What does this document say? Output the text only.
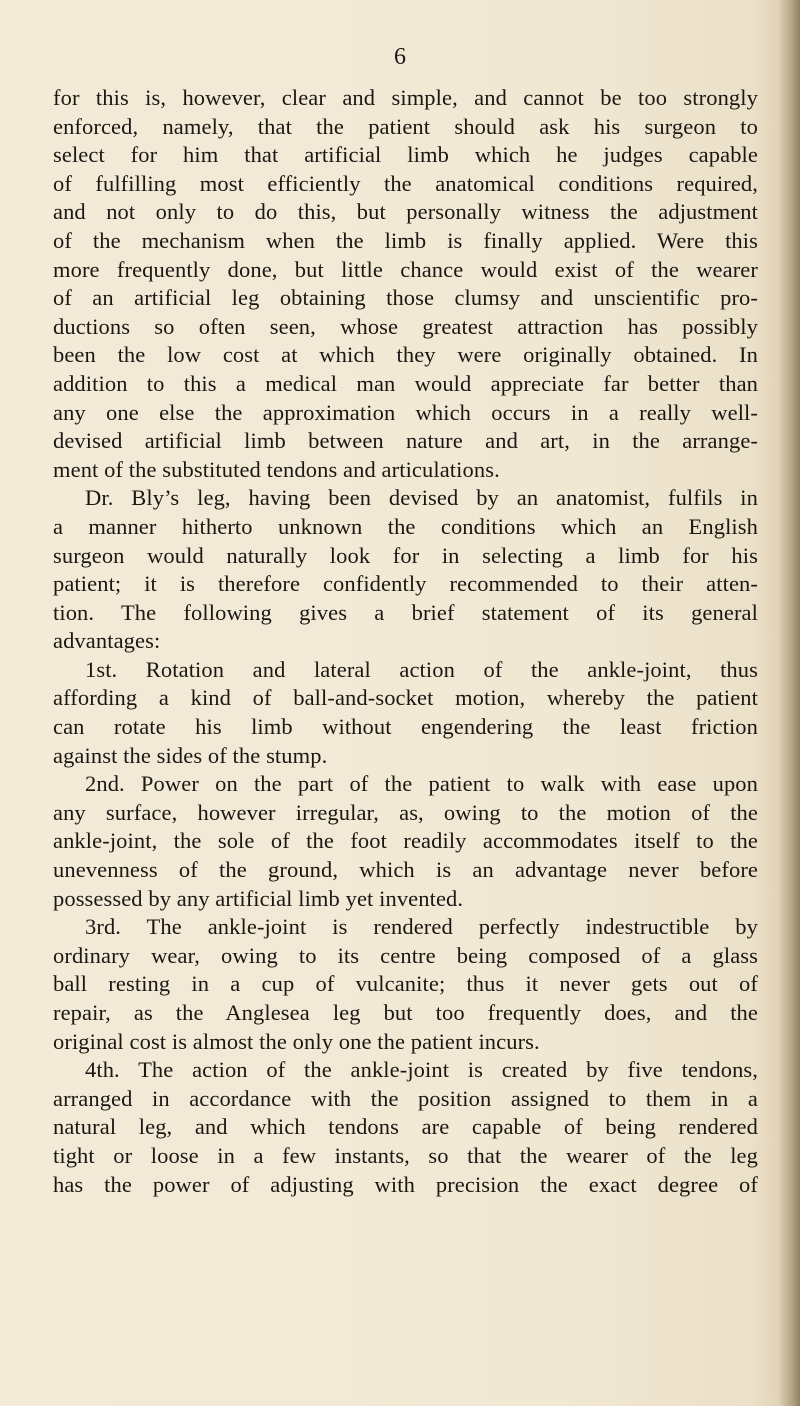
6
for this is, however, clear and simple, and cannot be too strongly
enforced, namely, that the patient should ask his surgeon to
select for him that artificial limb which he judges capable
of fulfilling most efficiently the anatomical conditions required,
and not only to do this, but personally witness the adjustment
of the mechanism when the limb is finally applied. Were this
more frequently done, but little chance would exist of the wearer
of an artificial leg obtaining those clumsy and unscientific pro-
ductions so often seen, whose greatest attraction has possibly
been the low cost at which they were originally obtained. In
addition to this a medical man would appreciate far better than
any one else the approximation which occurs in a really well-
devised artificial limb between nature and art, in the arrange-
ment of the substituted tendons and articulations.
Dr. Bly’s leg, having been devised by an anatomist, fulfils in
a manner hitherto unknown the conditions which an English
surgeon would naturally look for in selecting a limb for his
patient; it is therefore confidently recommended to their atten-
tion. The following gives a brief statement of its general
advantages:
1st. Rotation and lateral action of the ankle-joint, thus
affording a kind of ball-and-socket motion, whereby the patient
can rotate his limb without engendering the least friction
against the sides of the stump.
2nd. Power on the part of the patient to walk with ease upon
any surface, however irregular, as, owing to the motion of the
ankle-joint, the sole of the foot readily accommodates itself to the
unevenness of the ground, which is an advantage never before
possessed by any artificial limb yet invented.
3rd. The ankle-joint is rendered perfectly indestructible by
ordinary wear, owing to its centre being composed of a glass
ball resting in a cup of vulcanite; thus it never gets out of
repair, as the Anglesea leg but too frequently does, and the
original cost is almost the only one the patient incurs.
4th. The action of the ankle-joint is created by five tendons,
arranged in accordance with the position assigned to them in a
natural leg, and which tendons are capable of being rendered
tight or loose in a few instants, so that the wearer of the leg
has the power of adjusting with precision the exact degree of
